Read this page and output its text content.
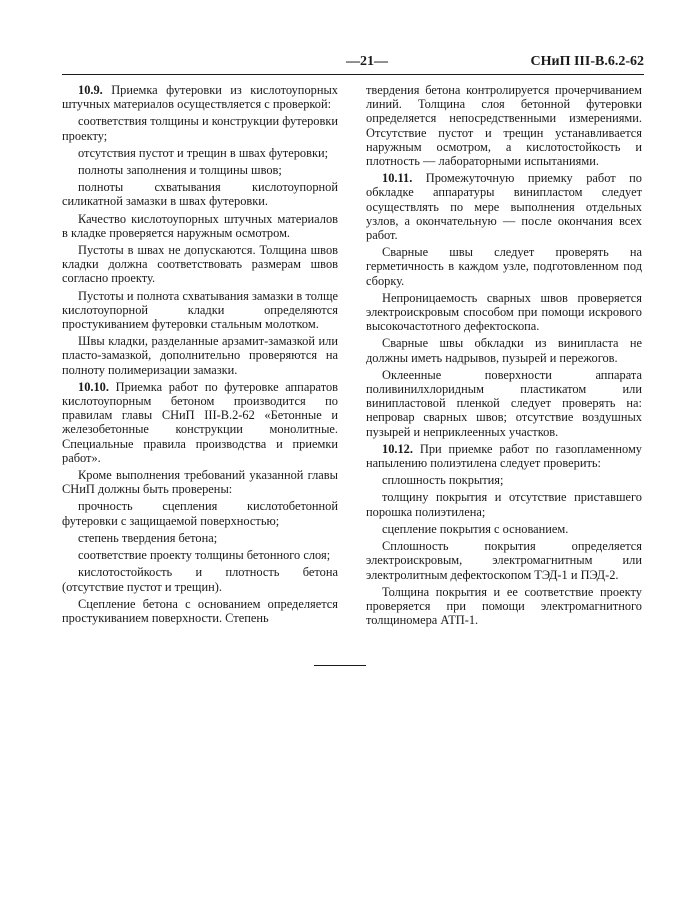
—21—	СНиП III-В.6.2-62

10.9. Приемка футеровки из кислотоупорных штучных материалов осуществляется с проверкой:

соответствия толщины и конструкции футеровки проекту;

отсутствия пустот и трещин в швах футеровки;

полноты заполнения и толщины швов;

полноты схватывания кислотоупорной силикатной замазки в швах футеровки.

Качество кислотоупорных штучных материалов в кладке проверяется наружным осмотром.

Пустоты в швах не допускаются. Толщина швов кладки должна соответствовать размерам швов согласно проекту.

Пустоты и полнота схватывания замазки в толще кислотоупорной кладки определяются простукиванием футеровки стальным молотком.

Швы кладки, разделанные арзамит-замазкой или пласто-замазкой, дополнительно проверяются на полноту полимеризации замазки.

10.10. Приемка работ по футеровке аппаратов кислотоупорным бетоном производится по правилам главы СНиП III-В.2-62 «Бетонные и железобетонные конструкции монолитные. Специальные правила производства и приемки работ».

Кроме выполнения требований указанной главы СНиП должны быть проверены:

прочность сцепления кислотобетонной футеровки с защищаемой поверхностью;

степень твердения бетона;

соответствие проекту толщины бетонного слоя;

кислотостойкость и плотность бетона (отсутствие пустот и трещин).

Сцепление бетона с основанием определяется простукиванием поверхности. Степень

твердения бетона контролируется прочерчиванием линий. Толщина слоя бетонной футеровки определяется непосредственными измерениями. Отсутствие пустот и трещин устанавливается наружным осмотром, а кислотостойкость и плотность — лабораторными испытаниями.

10.11. Промежуточную приемку работ по обкладке аппаратуры винипластом следует осуществлять по мере выполнения отдельных узлов, а окончательную — после окончания всех работ.

Сварные швы следует проверять на герметичность в каждом узле, подготовленном под сборку.

Непроницаемость сварных швов проверяется электроискровым способом при помощи искрового высокочастотного дефектоскопа.

Сварные швы обкладки из винипласта не должны иметь надрывов, пузырей и пережогов.

Оклеенные поверхности аппарата поливинилхлоридным пластикатом или винипластовой пленкой следует проверять на: непровар сварных швов; отсутствие воздушных пузырей и неприклеенных участков.

10.12. При приемке работ по газопламенному напылению полиэтилена следует проверить:

сплошность покрытия;

толщину покрытия и отсутствие приставшего порошка полиэтилена;

сцепление покрытия с основанием.

Сплошность покрытия определяется электроискровым, электромагнитным или электролитным дефектоскопом ТЭД-1 и ПЭД-2.

Толщина покрытия и ее соответствие проекту проверяется при помощи электромагнитного толщиномера АТП-1.
